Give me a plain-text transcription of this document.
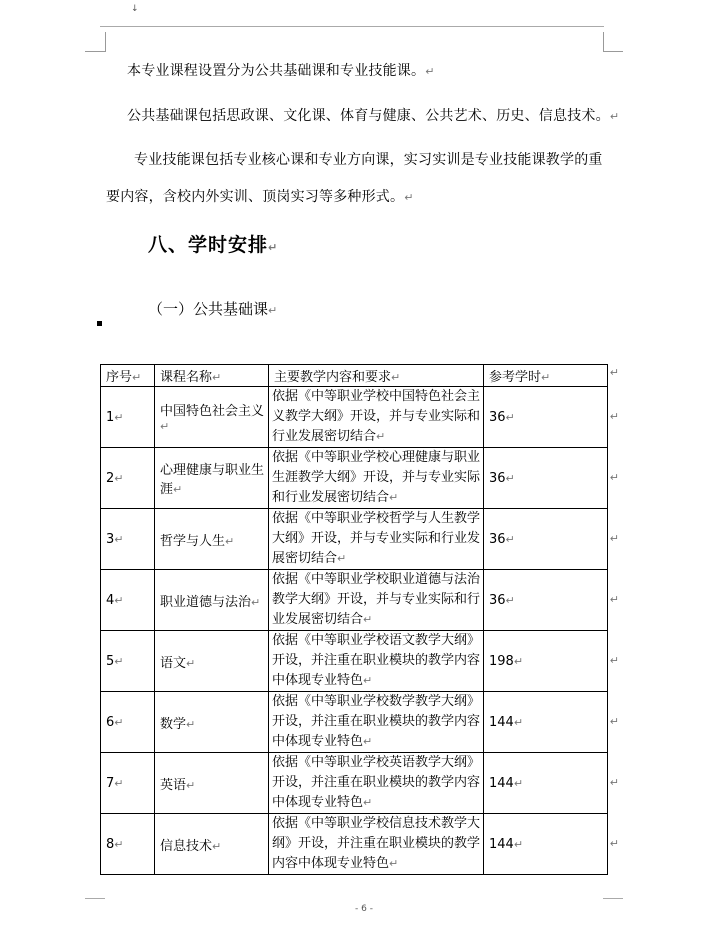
↓
本专业课程设置分为公共基础课和专业技能课。↵
公共基础课包括思政课、文化课、体育与健康、公共艺术、历史、信息技术。↵
专业技能课包括专业核心课和专业方向课，实习实训是专业技能课教学的重
要内容，含校内外实训、顶岗实习等多种形式。↵
八、学时安排↵
（一）公共基础课↵
序号↵	课程名称↵	主要教学内容和要求↵	参考学时↵ ↵

1↵	中国特色社会主义↵	依据《中等职业学校中国特色社会主义教学大纲》开设，并与专业实际和行业发展密切结合↵	36↵ ↵

2↵	心理健康与职业生涯↵	依据《中等职业学校心理健康与职业生涯教学大纲》开设，并与专业实际和行业发展密切结合↵	36↵ ↵

3↵	哲学与人生↵	依据《中等职业学校哲学与人生教学大纲》开设，并与专业实际和行业发展密切结合↵	36↵ ↵

4↵	职业道德与法治↵	依据《中等职业学校职业道德与法治教学大纲》开设，并与专业实际和行业发展密切结合↵	36↵ ↵

5↵	语文↵	依据《中等职业学校语文教学大纲》开设，并注重在职业模块的教学内容中体现专业特色↵	198↵ ↵

6↵	数学↵	依据《中等职业学校数学教学大纲》开设，并注重在职业模块的教学内容中体现专业特色↵	144↵ ↵

7↵	英语↵	依据《中等职业学校英语教学大纲》开设，并注重在职业模块的教学内容中体现专业特色↵	144↵ ↵

8↵	信息技术↵	依据《中等职业学校信息技术教学大纲》开设，并注重在职业模块的教学内容中体现专业特色↵	144↵ ↵
- 6 -
